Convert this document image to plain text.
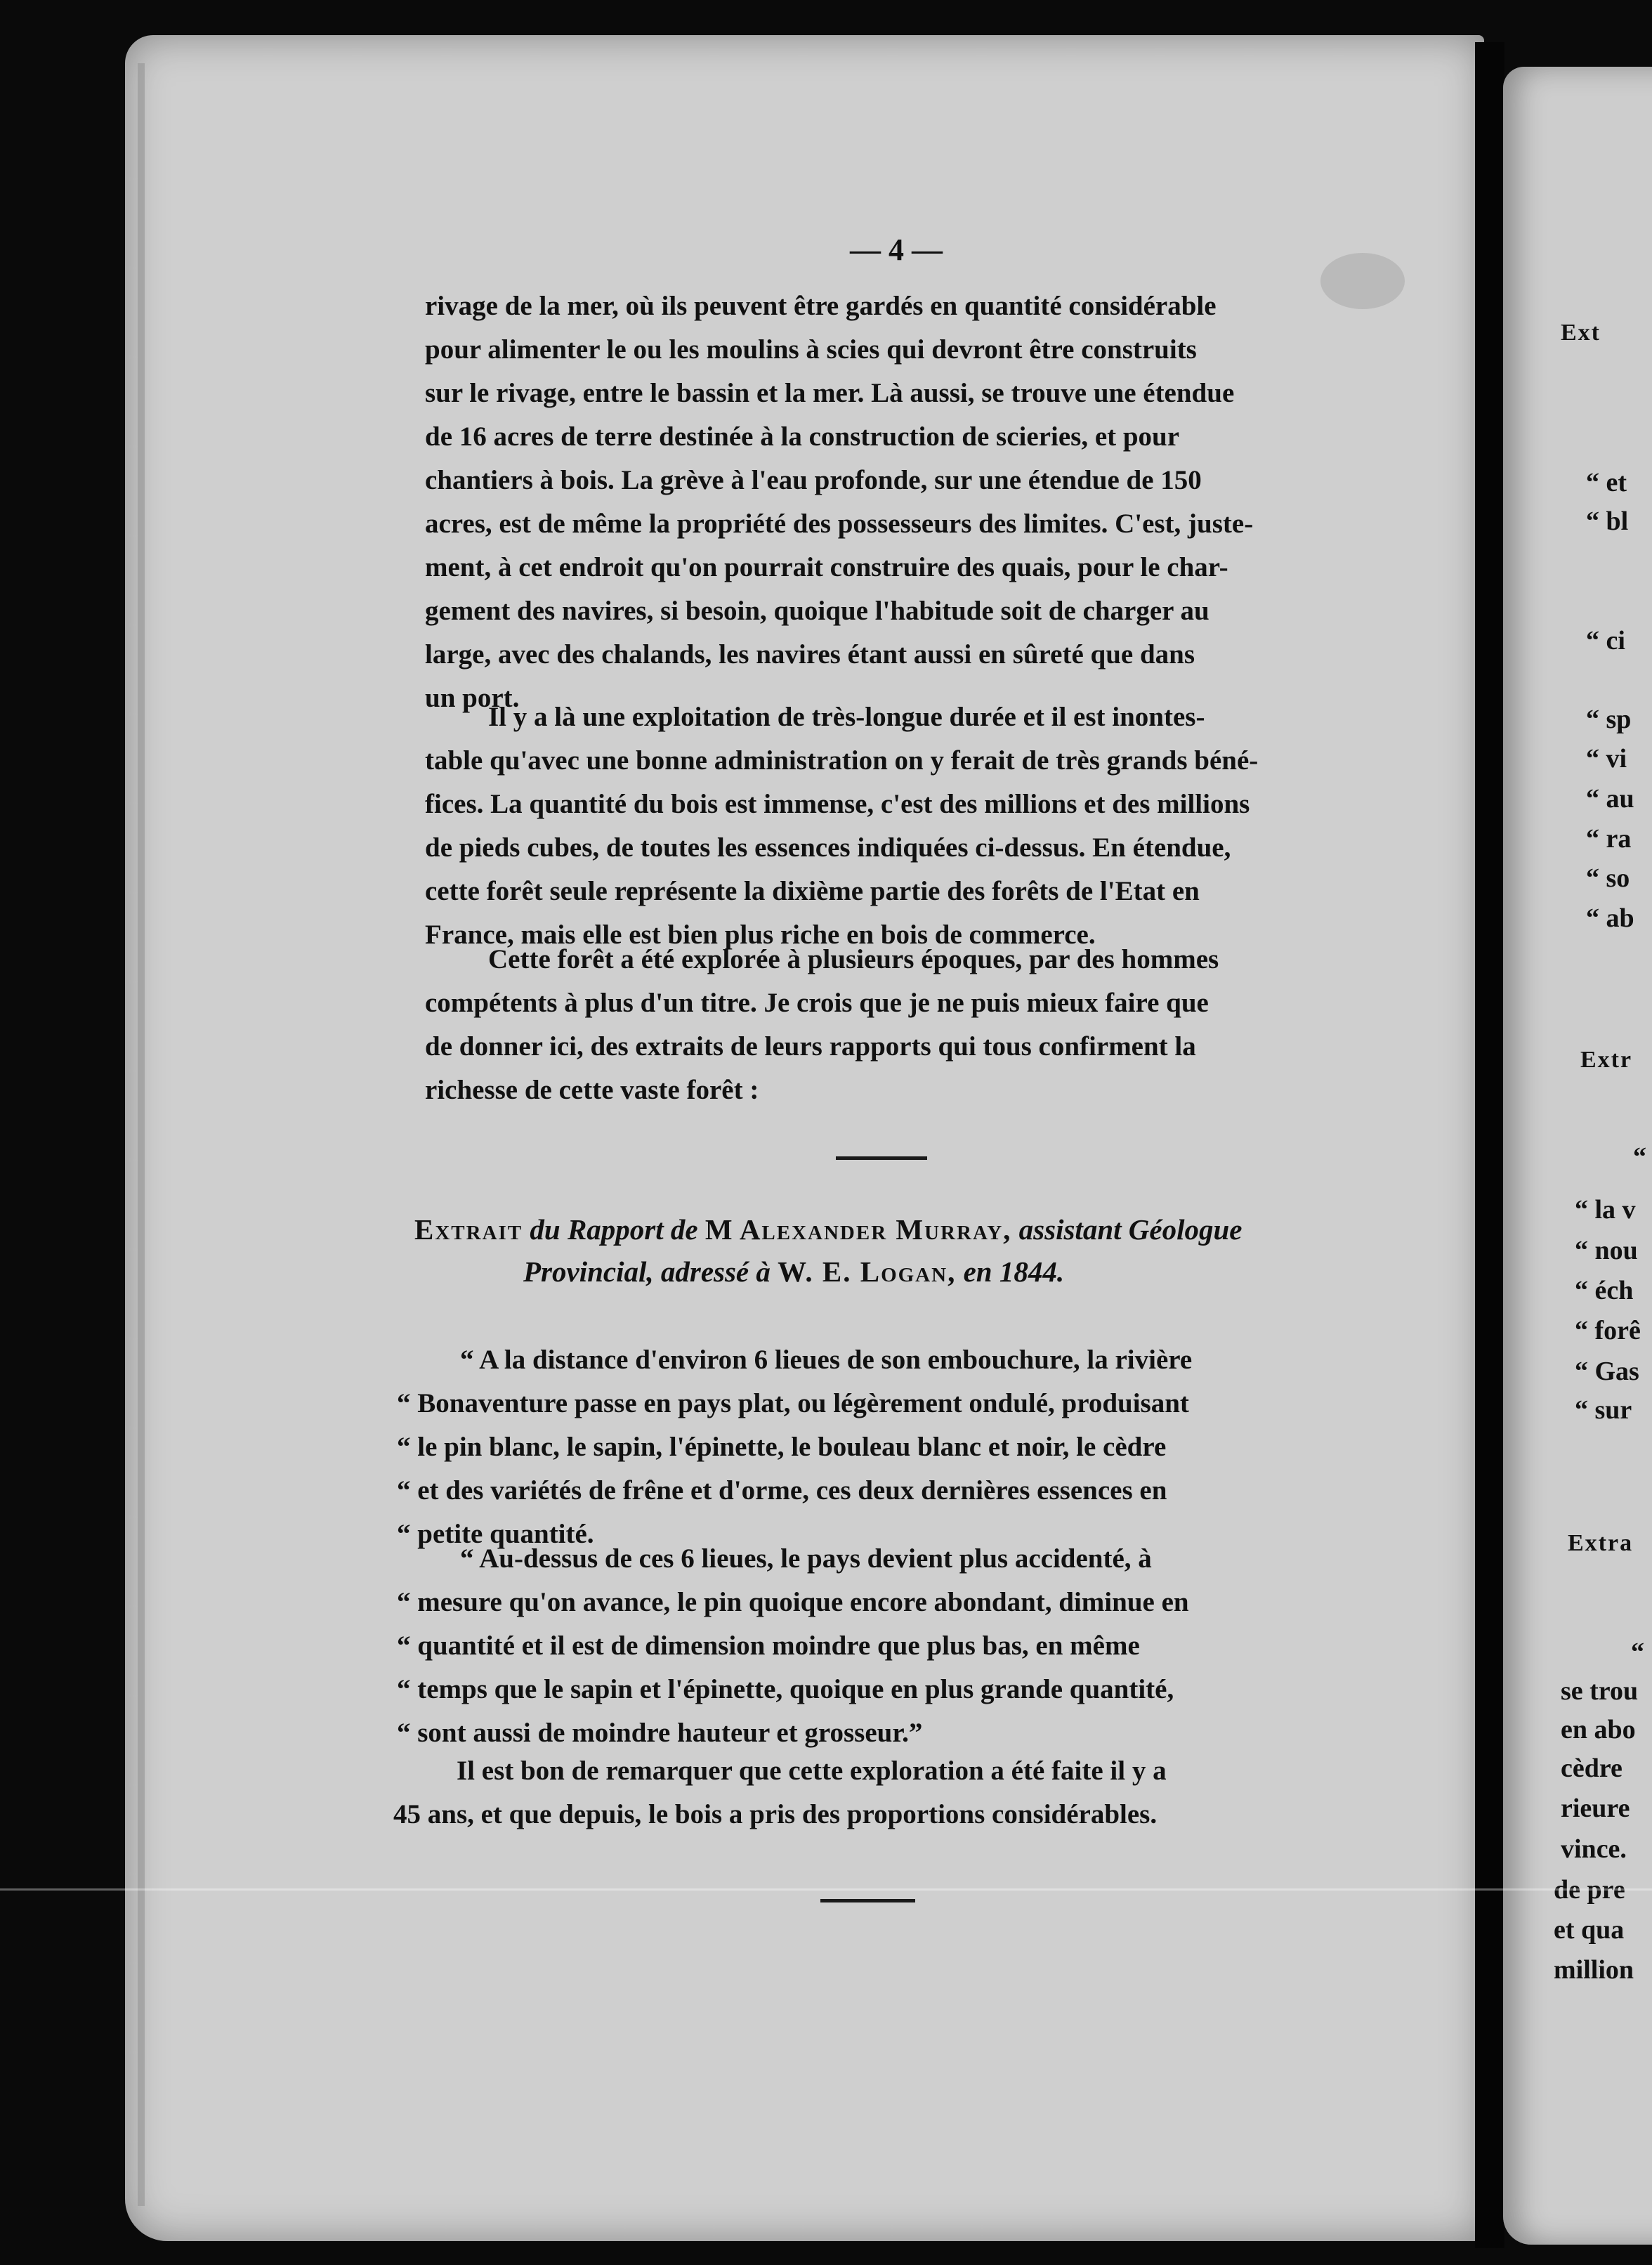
— 4 —
rivage de la mer, où ils peuvent être gardés en quantité considérable
pour alimenter le ou les moulins à scies qui devront être construits
sur le rivage, entre le bassin et la mer. Là aussi, se trouve une étendue
de 16 acres de terre destinée à la construction de scieries, et pour
chantiers à bois. La grève à l'eau profonde, sur une étendue de 150
acres, est de même la propriété des possesseurs des limites. C'est, juste-
ment, à cet endroit qu'on pourrait construire des quais, pour le char-
gement des navires, si besoin, quoique l'habitude soit de charger au
large, avec des chalands, les navires étant aussi en sûreté que dans
un port.
Il y a là une exploitation de très-longue durée et il est inontes-
table qu'avec une bonne administration on y ferait de très grands béné-
fices. La quantité du bois est immense, c'est des millions et des millions
de pieds cubes, de toutes les essences indiquées ci-dessus. En étendue,
cette forêt seule représente la dixième partie des forêts de l'Etat en
France, mais elle est bien plus riche en bois de commerce.
Cette forêt a été explorée à plusieurs époques, par des hommes
compétents à plus d'un titre. Je crois que je ne puis mieux faire que
de donner ici, des extraits de leurs rapports qui tous confirment la
richesse de cette vaste forêt :
Extrait du Rapport de M Alexander Murray, assistant Géologue
Provincial, adressé à W. E. Logan, en 1844.
“ A la distance d'environ 6 lieues de son embouchure, la rivière
“ Bonaventure passe en pays plat, ou légèrement ondulé, produisant
“ le pin blanc, le sapin, l'épinette, le bouleau blanc et noir, le cèdre
“ et des variétés de frêne et d'orme, ces deux dernières essences en
“ petite quantité.
“ Au-dessus de ces 6 lieues, le pays devient plus accidenté, à
“ mesure qu'on avance, le pin quoique encore abondant, diminue en
“ quantité et il est de dimension moindre que plus bas, en même
“ temps que le sapin et l'épinette, quoique en plus grande quantité,
“ sont aussi de moindre hauteur et grosseur.”
Il est bon de remarquer que cette exploration a été faite il y a
45 ans, et que depuis, le bois a pris des proportions considérables.
Ext
“ et
“ bl
“ ci
“ sp
“ vi
“ au
“ ra
“ so
“ ab
Extr
“
“ la v
“ nou
“ éch
“ forê
“ Gas
“ sur
Extra
“
se trou
en abo
cèdre
rieure
vince.
de pre
et qua
million
